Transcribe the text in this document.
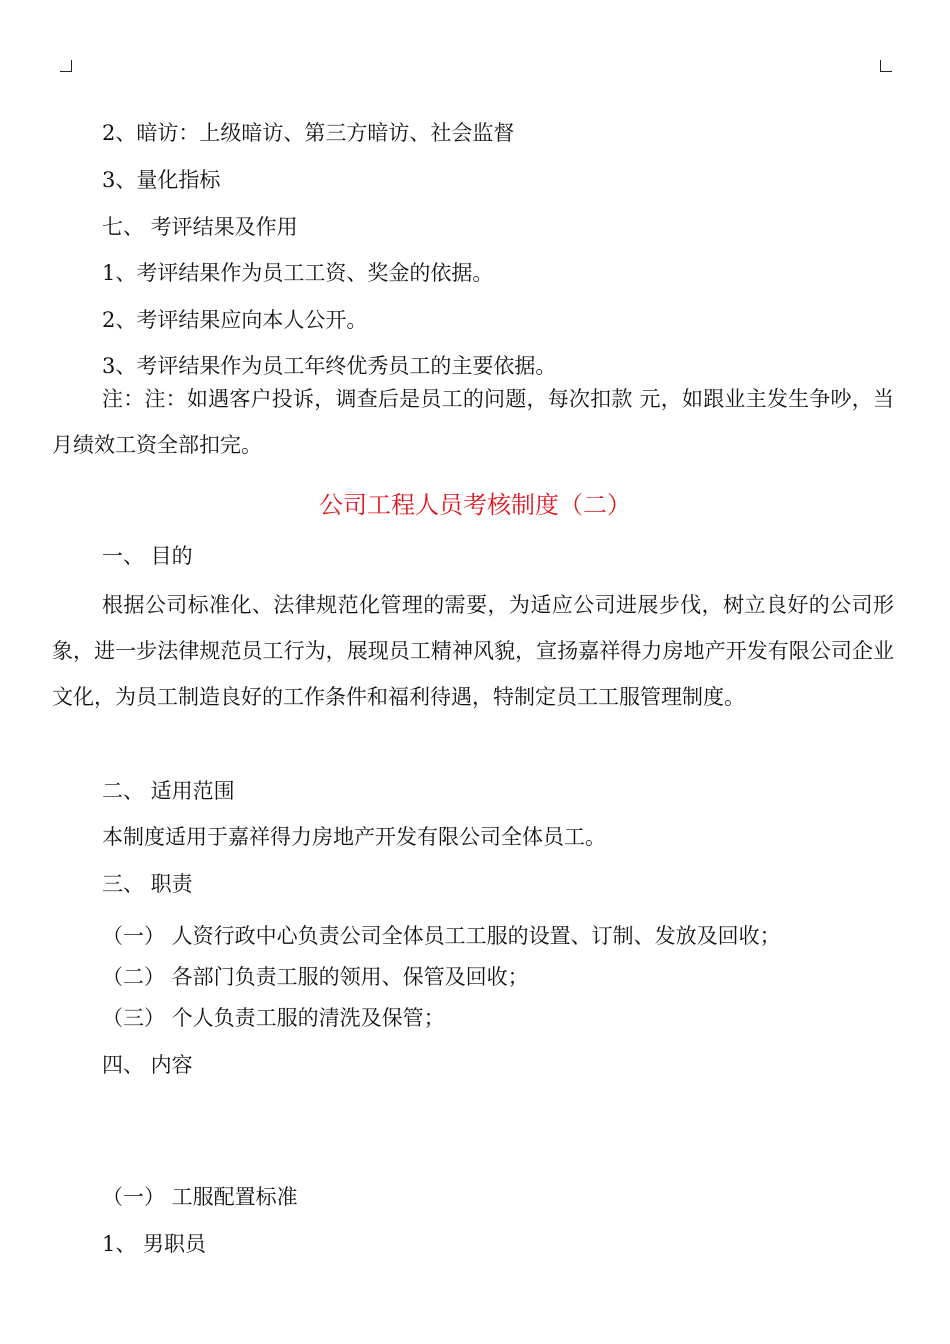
2、暗访：上级暗访、第三方暗访、社会监督
3、量化指标
七、 考评结果及作用
1、考评结果作为员工工资、奖金的依据。
2、考评结果应向本人公开。
3、考评结果作为员工年终优秀员工的主要依据。
注：注：如遇客户投诉，调查后是员工的问题，每次扣款 元，如跟业主发生争吵，当月绩效工资全部扣完。
公司工程人员考核制度（二）
一、 目的
根据公司标准化、法律规范化管理的需要，为适应公司进展步伐，树立良好的公司形象，进一步法律规范员工行为，展现员工精神风貌，宣扬嘉祥得力房地产开发有限公司企业文化，为员工制造良好的工作条件和福利待遇，特制定员工工服管理制度。
二、 适用范围
本制度适用于嘉祥得力房地产开发有限公司全体员工。
三、 职责
（一） 人资行政中心负责公司全体员工工服的设置、订制、发放及回收；
（二） 各部门负责工服的领用、保管及回收；
（三） 个人负责工服的清洗及保管；
四、 内容
（一） 工服配置标准
1、 男职员
